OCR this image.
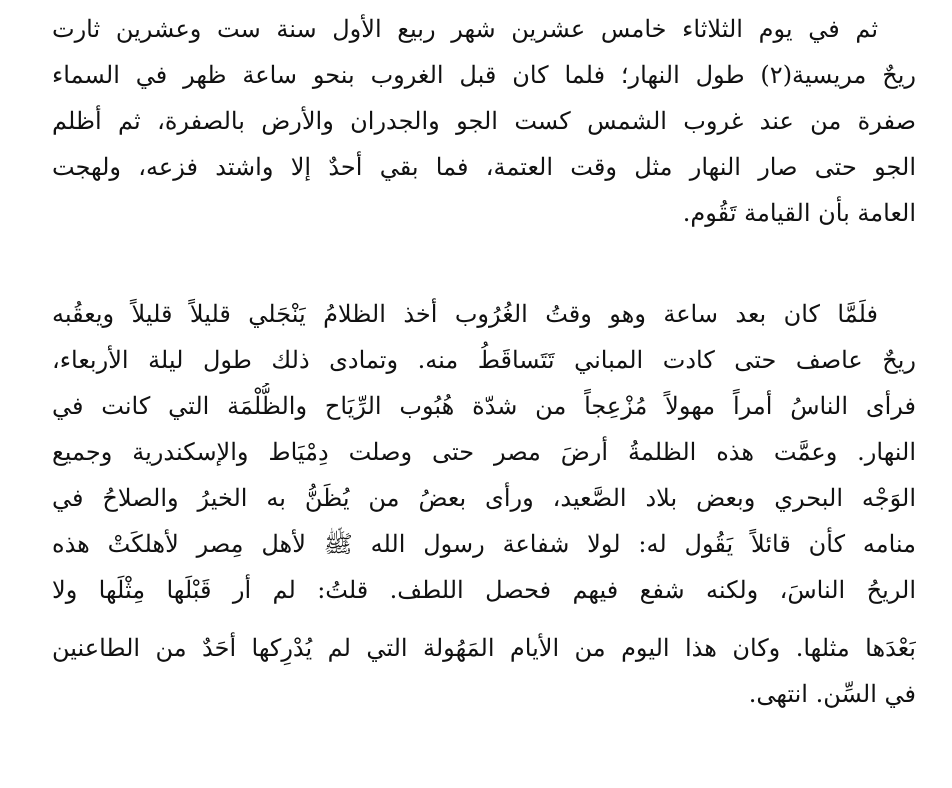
ثم في يوم الثلاثاء خامس عشرين شهر ربيع الأول سنة ست وعشرين ثارت
ريحٌ مريسية(٢) طول النهار؛ فلما كان قبل الغروب بنحو ساعة ظهر في السماء
صفرة من عند غروب الشمس كست الجو والجدران والأرض بالصفرة، ثم أظلم
الجو حتى صار النهار مثل وقت العتمة، فما بقي أحدٌ إلا واشتد فزعه، ولهجت
العامة بأن القيامة تَقُوم.
فلَمَّا كان بعد ساعة وهو وقتُ الغُرُوب أخذ الظلامُ يَنْجَلي قليلاً قليلاً ويعقُبه
ريحٌ عاصف حتى كادت المباني تَتَساقَطُ منه. وتمادى ذلك طول ليلة الأربعاء،
فرأى الناسُ أمراً مهولاً مُزْعِجاً من شدّة هُبُوب الرِّيَاح والظُّلْمَة التي كانت في
النهار. وعمَّت هذه الظلمةُ أرضَ مصر حتى وصلت دِمْيَاط والإسكندرية وجميع
الوَجْه البحري وبعض بلاد الصَّعيد، ورأى بعضُ من يُظَنُّ به الخيرُ والصلاحُ في
منامه كأن قائلاً يَقُول له: لولا شفاعة رسول الله ﷺ لأهل مِصر لأهلكَتْ هذه
الريحُ الناسَ، ولكنه شفع فيهم فحصل اللطف. قلتُ: لم أر قَبْلَها مِثْلَها ولا
بَعْدَها مثلها. وكان هذا اليوم من الأيام المَهُولة التي لم يُدْرِكها أحَدٌ من الطاعنين
في السِّن. انتهى.
